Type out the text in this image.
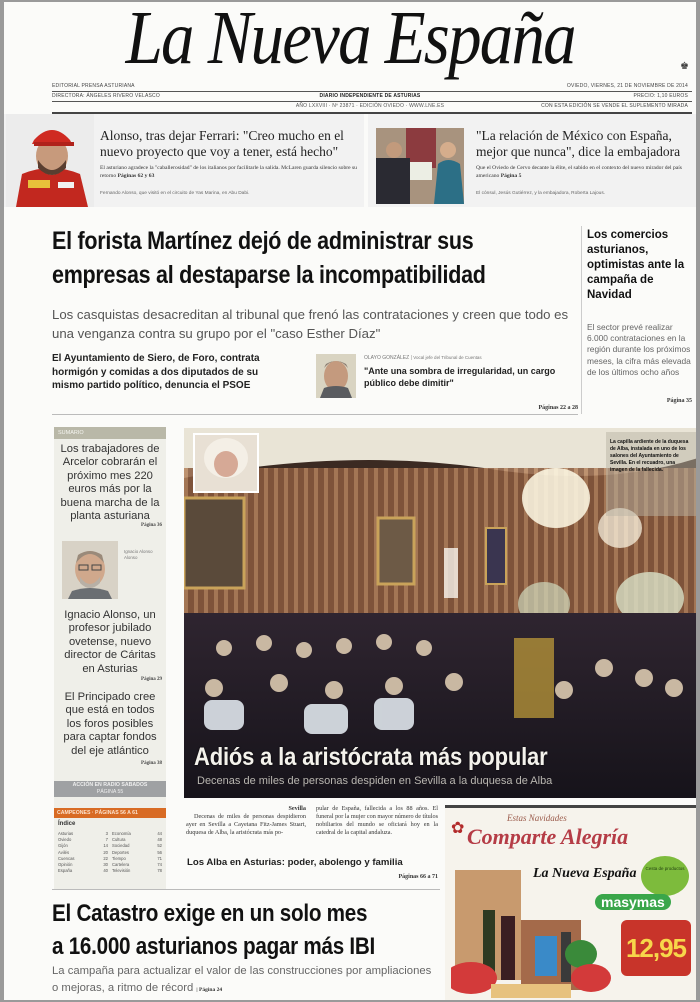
La Nueva España	♚
EDITORIAL PRENSA ASTURIANA	OVIEDO, VIERNES, 21 DE NOVIEMBRE DE 2014
DIRECTORA: ÁNGELES RIVERO VELASCO	DIARIO INDEPENDIENTE DE ASTURIAS	PRECIO: 1,10 EUROS
AÑO LXXVIII · Nº 23871 · EDICIÓN OVIEDO · WWW.LNE.ES	CON ESTA EDICIÓN SE VENDE EL SUPLEMENTO MIRADA
Alonso, tras dejar Ferrari: "Creo mucho en el nuevo proyecto que voy a tener, está hecho"
El asturiano agradece la "caballerosidad" de los italianos por facilitarle la salida. McLaren guarda silencio sobre su retorno Páginas 62 y 63
Fernando Alonso, que visitó en el circuito de Yas Marina, en Abu Dabi.
"La relación de México con España, mejor que nunca", dice la embajadora
Que el Oviedo de Cervo decante la élite, el sabido en el contexto del nuevo mirador del país americano Página 5
El cónsul, Jesús Gutiérrez, y la embajadora, Roberta Lajous.
El forista Martínez dejó de administrar sus
empresas al destaparse la incompatibilidad
Los casquistas desacreditan al tribunal que frenó las contrataciones y creen que todo es una venganza contra su grupo por el "caso Esther Díaz"
El Ayuntamiento de Siero, de Foro, contrata hormigón y comidas a dos diputados de su mismo partido político, denuncia el PSOE
OLAYO GONZÁLEZ | Vocal jefe del Tribunal de Cuentas
"Ante una sombra de irregularidad, un cargo público debe dimitir"
Páginas 22 a 28
Los comercios asturianos, optimistas ante la campaña de Navidad
El sector prevé realizar 6.000 contrataciones en la región durante los próximos meses, la cifra más elevada de los últimos ocho años
Página 35
SUMARIO
Los trabajadores de Arcelor cobrarán el próximo mes 220 euros más por la buena marcha de la planta asturiana
Página 36
Ignacio Alonso Alonso
Ignacio Alonso, un profesor jubilado ovetense, nuevo director de Cáritas en Asturias
Página 29
El Principado cree que está en todos los foros posibles para captar fondos del eje atlántico
Página 38
ACCIÓN EN RADIO SABADOS
PÁGINA 55
CAMPEONES · PÁGINAS 56 A 61
Índice
Asturias	3
Oviedo	7
Gijón	14
Avilés	20
Cuencas	22
Opinión	30
España	40
Economía	44
Cultura	48
Sociedad	52
Deportes	56
Tiempo	71
Cartelera	74
Televisión	78
La capilla ardiente de la duquesa de Alba, instalada en uno de los salones del Ayuntamiento de Sevilla. En el recuadro, una imagen de la fallecida.
Adiós a la aristócrata más popular
Decenas de miles de personas despiden en Sevilla a la duquesa de Alba
Sevilla
Decenas de miles de personas despidieron ayer en Sevilla a Cayetana Fitz-James Stuart, duquesa de Alba, la aristócrata más po-
pular de España, fallecida a los 88 años. El funeral por la mujer con mayor número de títulos nobiliarios del mundo se oficiará hoy en la catedral de la capital andaluza.
Los Alba en Asturias: poder, abolengo y familia
Páginas 66 a 71
✿
Estas Navidades
Comparte Alegría
La Nueva España	Cesta de productos
masymas
12,95
El Catastro exige en un solo mes
a 16.000 asturianos pagar más IBI
La campaña para actualizar el valor de las construcciones por ampliaciones o mejoras, a ritmo de récord | Página 24
